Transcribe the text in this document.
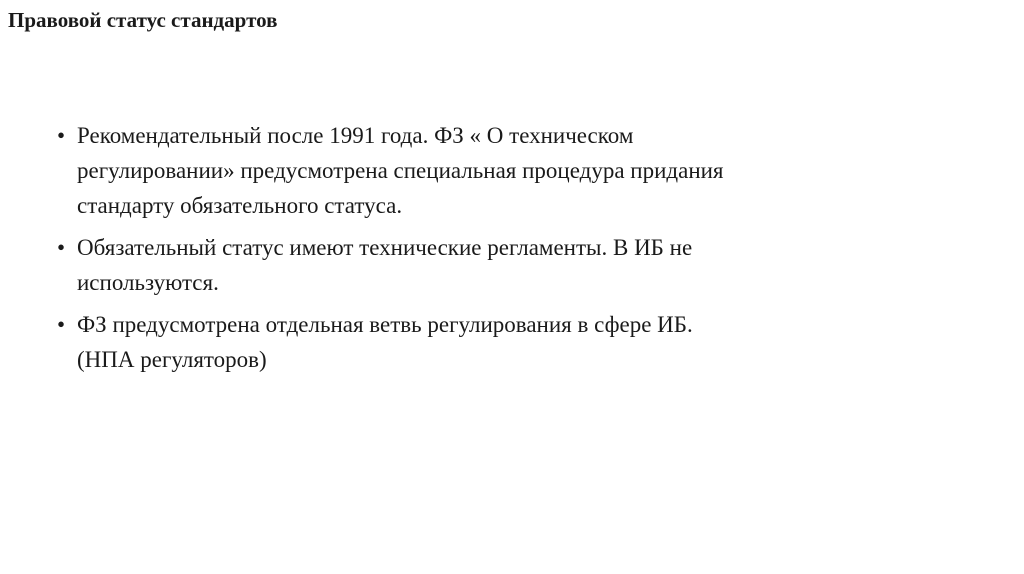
Правовой статус стандартов
• Рекомендательный после 1991 года. ФЗ « О техническом
регулировании» предусмотрена специальная процедура придания
стандарту обязательного статуса.
• Обязательный статус имеют технические регламенты. В ИБ не
используются.
• ФЗ предусмотрена отдельная ветвь регулирования в сфере ИБ.
(НПА регуляторов)
